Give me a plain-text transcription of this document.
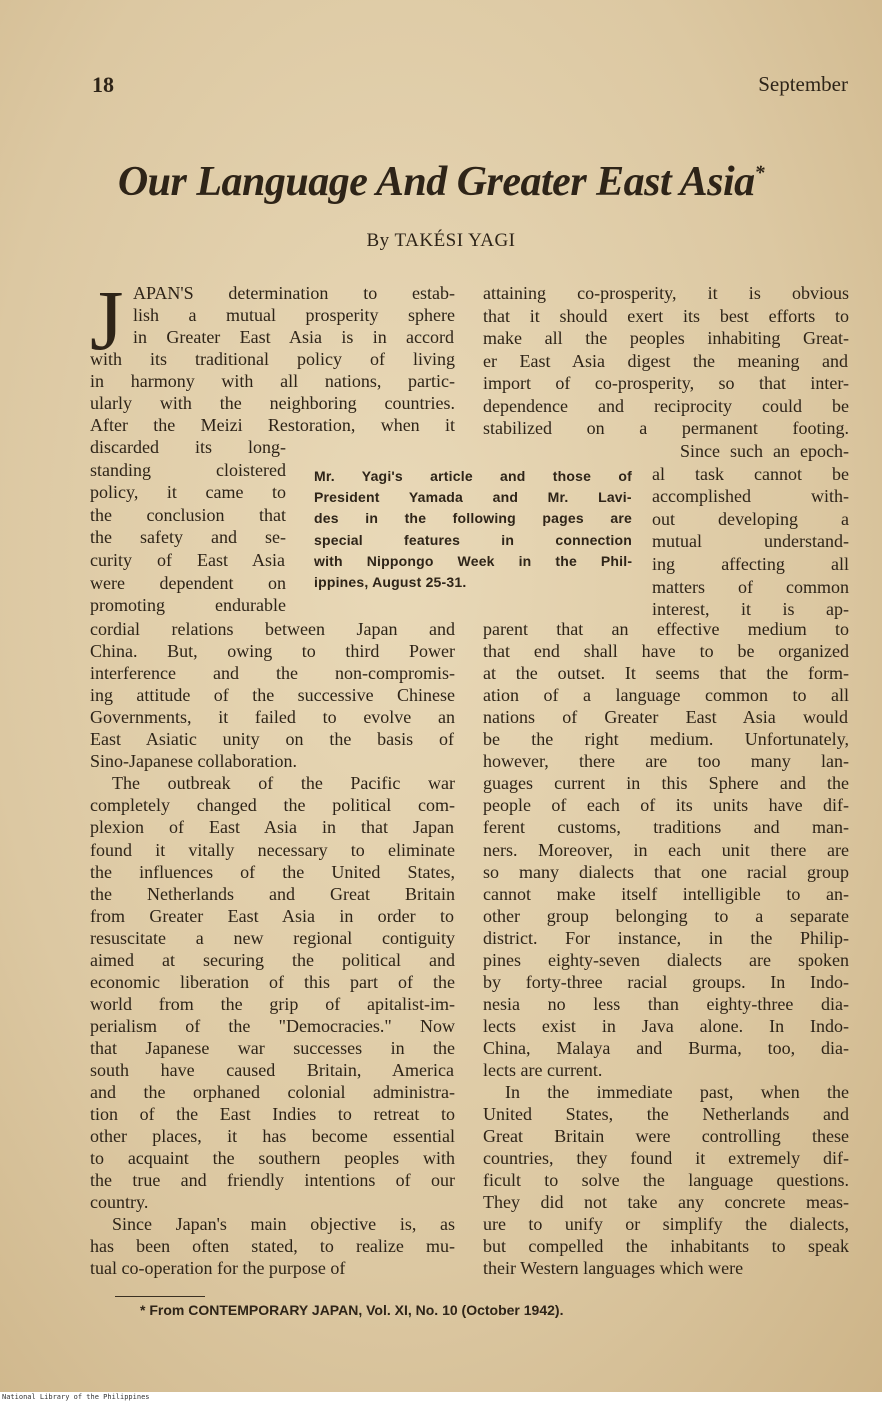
18	September
Our Language And Greater East Asia*
By TAKÉSI YAGI
J APAN'S determination to estab-
lish a mutual prosperity sphere
in Greater East Asia is in accord
with its traditional policy of living
in harmony with all nations, partic-
ularly with the neighboring countries.
After the Meizi Restoration, when it
discarded its long-
standing cloistered
policy, it came to
the conclusion that
the safety and se-
curity of East Asia
were dependent on
promoting endurable
cordial relations between Japan and
China. But, owing to third Power
interference and the non-compromis-
ing attitude of the successive Chinese
Governments, it failed to evolve an
East Asiatic unity on the basis of
Sino-Japanese collaboration.
The outbreak of the Pacific war
completely changed the political com-
plexion of East Asia in that Japan
found it vitally necessary to eliminate
the influences of the United States,
the Netherlands and Great Britain
from Greater East Asia in order to
resuscitate a new regional contiguity
aimed at securing the political and
economic liberation of this part of the
world from the grip of apitalist-im-
perialism of the "Democracies." Now
that Japanese war successes in the
south have caused Britain, America
and the orphaned colonial administra-
tion of the East Indies to retreat to
other places, it has become essential
to acquaint the southern peoples with
the true and friendly intentions of our
country.
Since Japan's main objective is, as
has been often stated, to realize mu-
tual co-operation for the purpose of
attaining co-prosperity, it is obvious
that it should exert its best efforts to
make all the peoples inhabiting Great-
er East Asia digest the meaning and
import of co-prosperity, so that inter-
dependence and reciprocity could be
stabilized on a permanent footing.
Since such an epoch-
al task cannot be
accomplished with-
out developing a
mutual understand-
ing affecting all
matters of common
interest, it is ap-
parent that an effective medium to
that end shall have to be organized
at the outset. It seems that the form-
ation of a language common to all
nations of Greater East Asia would
be the right medium. Unfortunately,
however, there are too many lan-
guages current in this Sphere and the
people of each of its units have dif-
ferent customs, traditions and man-
ners. Moreover, in each unit there are
so many dialects that one racial group
cannot make itself intelligible to an-
other group belonging to a separate
district. For instance, in the Philip-
pines eighty-seven dialects are spoken
by forty-three racial groups. In Indo-
nesia no less than eighty-three dia-
lects exist in Java alone. In Indo-
China, Malaya and Burma, too, dia-
lects are current.
In the immediate past, when the
United States, the Netherlands and
Great Britain were controlling these
countries, they found it extremely dif-
ficult to solve the language questions.
They did not take any concrete meas-
ure to unify or simplify the dialects,
but compelled the inhabitants to speak
their Western languages which were
Mr. Yagi's article and those of
President Yamada and Mr. Lavi-
des in the following pages are
special features in connection
with Nippongo Week in the Phil-
ippines, August 25-31.
* From CONTEMPORARY JAPAN, Vol. XI, No. 10 (October 1942).
National Library of the Philippines
